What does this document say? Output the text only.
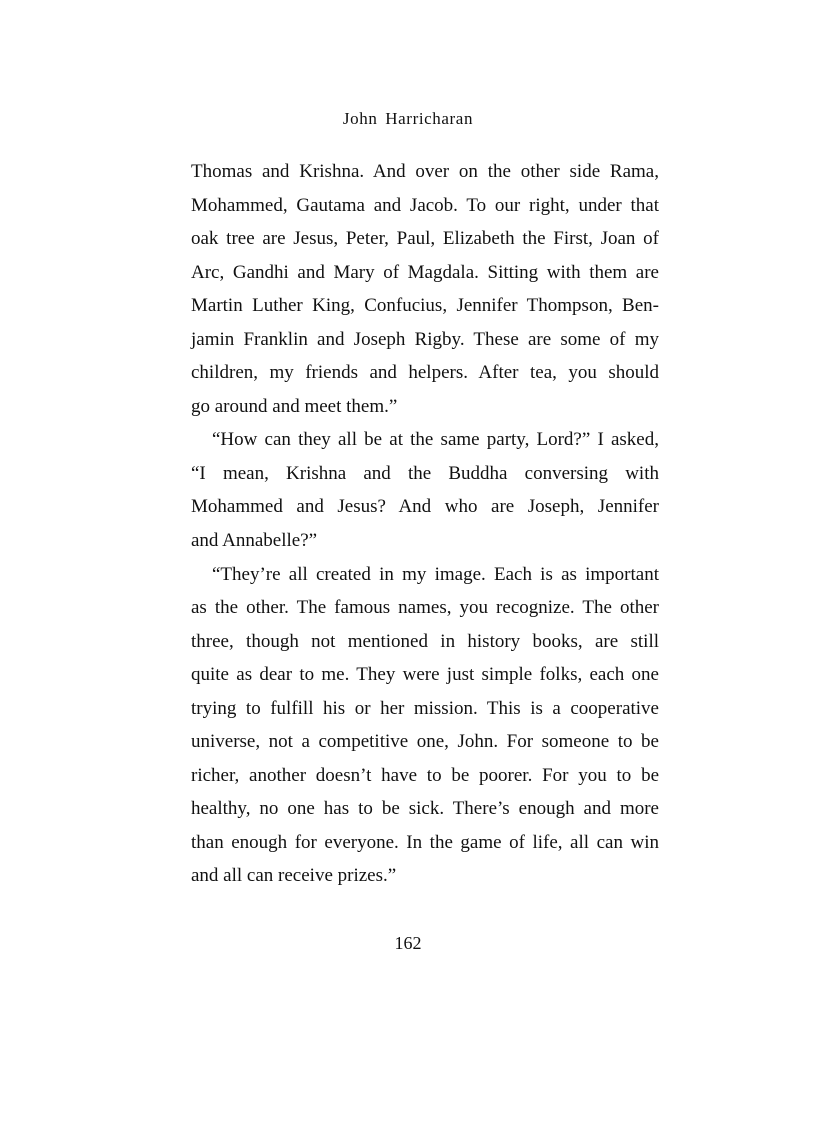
John Harricharan
Thomas and Krishna. And over on the other side Rama,
Mohammed, Gautama and Jacob. To our right, under that
oak tree are Jesus, Peter, Paul, Elizabeth the First, Joan of
Arc, Gandhi and Mary of Magdala. Sitting with them are
Martin Luther King, Confucius, Jennifer Thompson, Ben-
jamin Franklin and Joseph Rigby. These are some of my
children, my friends and helpers. After tea, you should
go around and meet them.”
“How can they all be at the same party, Lord?” I asked,
“I mean, Krishna and the Buddha conversing with
Mohammed and Jesus? And who are Joseph, Jennifer
and Annabelle?”
“They’re all created in my image. Each is as important
as the other. The famous names, you recognize. The other
three, though not mentioned in history books, are still
quite as dear to me. They were just simple folks, each one
trying to fulfill his or her mission. This is a cooperative
universe, not a competitive one, John. For someone to be
richer, another doesn’t have to be poorer. For you to be
healthy, no one has to be sick. There’s enough and more
than enough for everyone. In the game of life, all can win
and all can receive prizes.”
162
